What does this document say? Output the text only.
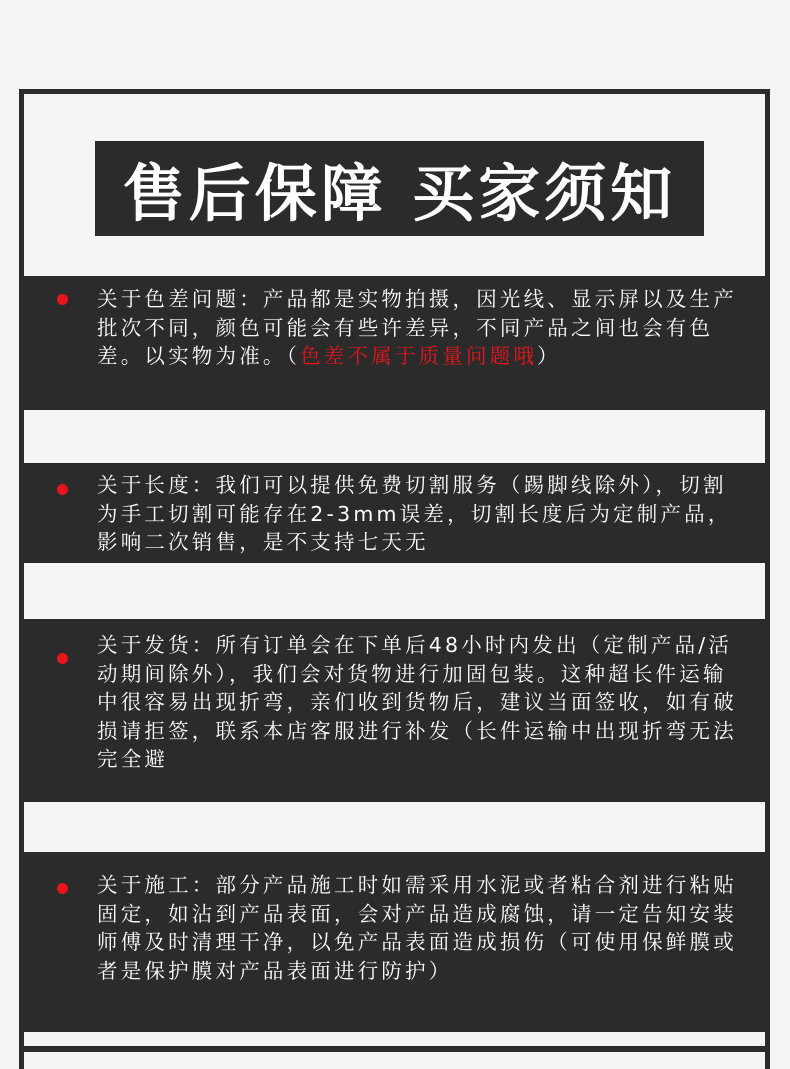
售后保障 买家须知
关于色差问题：产品都是实物拍摄，因光线、显示屏以及生产批次不同，颜色可能会有些许差异，不同产品之间也会有色差。以实物为准。（色差不属于质量问题哦）
关于长度：我们可以提供免费切割服务（踢脚线除外），切割为手工切割可能存在2-3mm误差，切割长度后为定制产品，影响二次销售，是不支持七天无
关于发货：所有订单会在下单后48小时内发出（定制产品/活动期间除外），我们会对货物进行加固包装。这种超长件运输中很容易出现折弯，亲们收到货物后，建议当面签收，如有破损请拒签，联系本店客服进行补发（长件运输中出现折弯无法完全避
关于施工：部分产品施工时如需采用水泥或者粘合剂进行粘贴固定，如沾到产品表面，会对产品造成腐蚀，请一定告知安装师傅及时清理干净，以免产品表面造成损伤（可使用保鲜膜或者是保护膜对产品表面进行防护）
